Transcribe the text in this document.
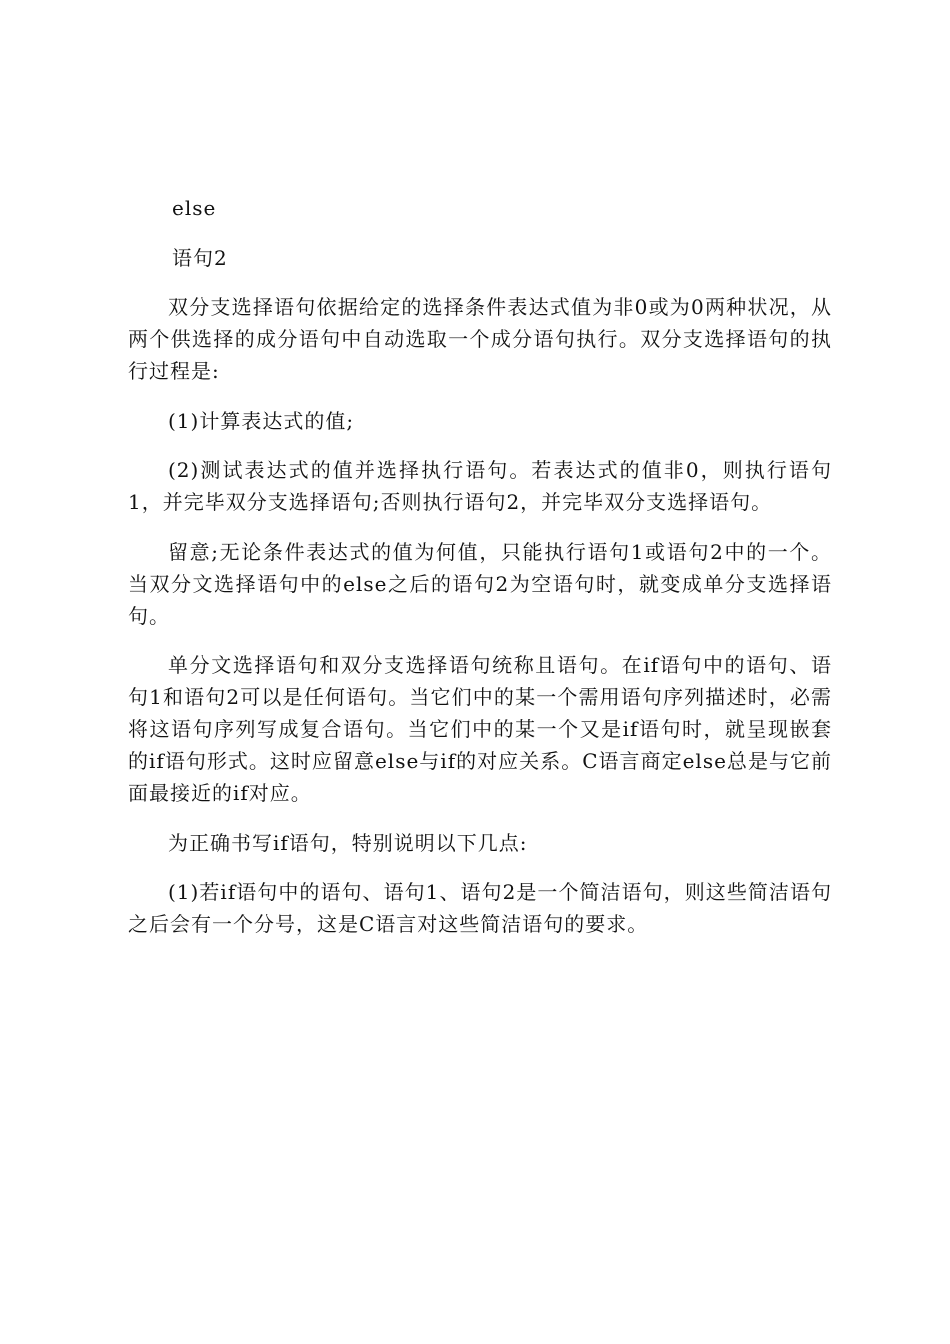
else

语句2

双分支选择语句依据给定的选择条件表达式值为非0或为0两种状况，从两个供选择的成分语句中自动选取一个成分语句执行。双分支选择语句的执行过程是:

(1)计算表达式的值;

(2)测试表达式的值并选择执行语句。若表达式的值非0，则执行语句1，并完毕双分支选择语句;否则执行语句2，并完毕双分支选择语句。

留意;无论条件表达式的值为何值，只能执行语句1或语句2中的一个。当双分文选择语句中的else之后的语句2为空语句时，就变成单分支选择语句。

单分文选择语句和双分支选择语句统称且语句。在if语句中的语句、语句1和语句2可以是任何语句。当它们中的某一个需用语句序列描述时，必需将这语句序列写成复合语句。当它们中的某一个又是if语句时，就呈现嵌套的if语句形式。这时应留意else与if的对应关系。C语言商定else总是与它前面最接近的if对应。

为正确书写if语句，特别说明以下几点:

(1)若if语句中的语句、语句1、语句2是一个简洁语句，则这些简洁语句之后会有一个分号，这是C语言对这些简洁语句的要求。
